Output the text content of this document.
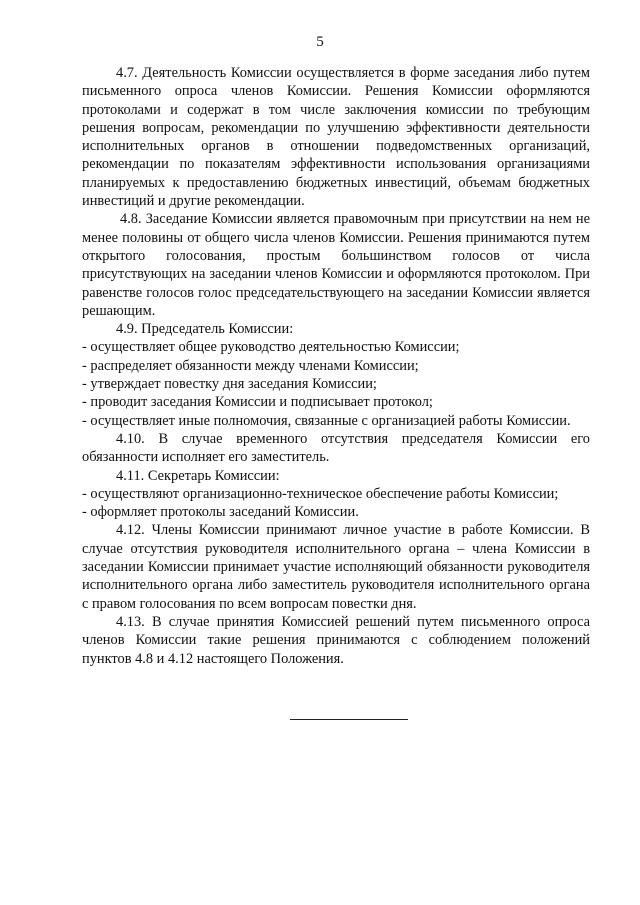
5

4.7. Деятельность Комиссии осуществляется в форме заседания либо путем письменного опроса членов Комиссии. Решения Комиссии оформляются протоколами и содержат в том числе заключения комиссии по требующим решения вопросам, рекомендации по улучшению эффективности деятельности исполнительных органов в отношении подведомственных организаций, рекомендации по показателям эффективности использования организациями планируемых к предоставлению бюджетных инвестиций, объемам бюджетных инвестиций и другие рекомендации.

4.8. Заседание Комиссии является правомочным при присутствии на нем не менее половины от общего числа членов Комиссии. Решения принимаются путем открытого голосования, простым большинством голосов от числа присутствующих на заседании членов Комиссии и оформляются протоколом. При равенстве голосов голос председательствующего на заседании Комиссии является решающим.

4.9. Председатель Комиссии:

- осуществляет общее руководство деятельностью Комиссии;

- распределяет обязанности между членами Комиссии;

- утверждает повестку дня заседания Комиссии;

- проводит заседания Комиссии и подписывает протокол;

- осуществляет иные полномочия, связанные с организацией работы Комиссии.

4.10. В случае временного отсутствия председателя Комиссии его обязанности исполняет его заместитель.

4.11. Секретарь Комиссии:

- осуществляют организационно-техническое обеспечение работы Комиссии;

- оформляет протоколы заседаний Комиссии.

4.12. Члены Комиссии принимают личное участие в работе Комиссии. В случае отсутствия руководителя исполнительного органа – члена Комиссии в заседании Комиссии принимает участие исполняющий обязанности руководителя исполнительного органа либо заместитель руководителя исполнительного органа с правом голосования по всем вопросам повестки дня.

4.13. В случае принятия Комиссией решений путем письменного опроса членов Комиссии такие решения принимаются с соблюдением положений пунктов 4.8 и 4.12 настоящего Положения.
